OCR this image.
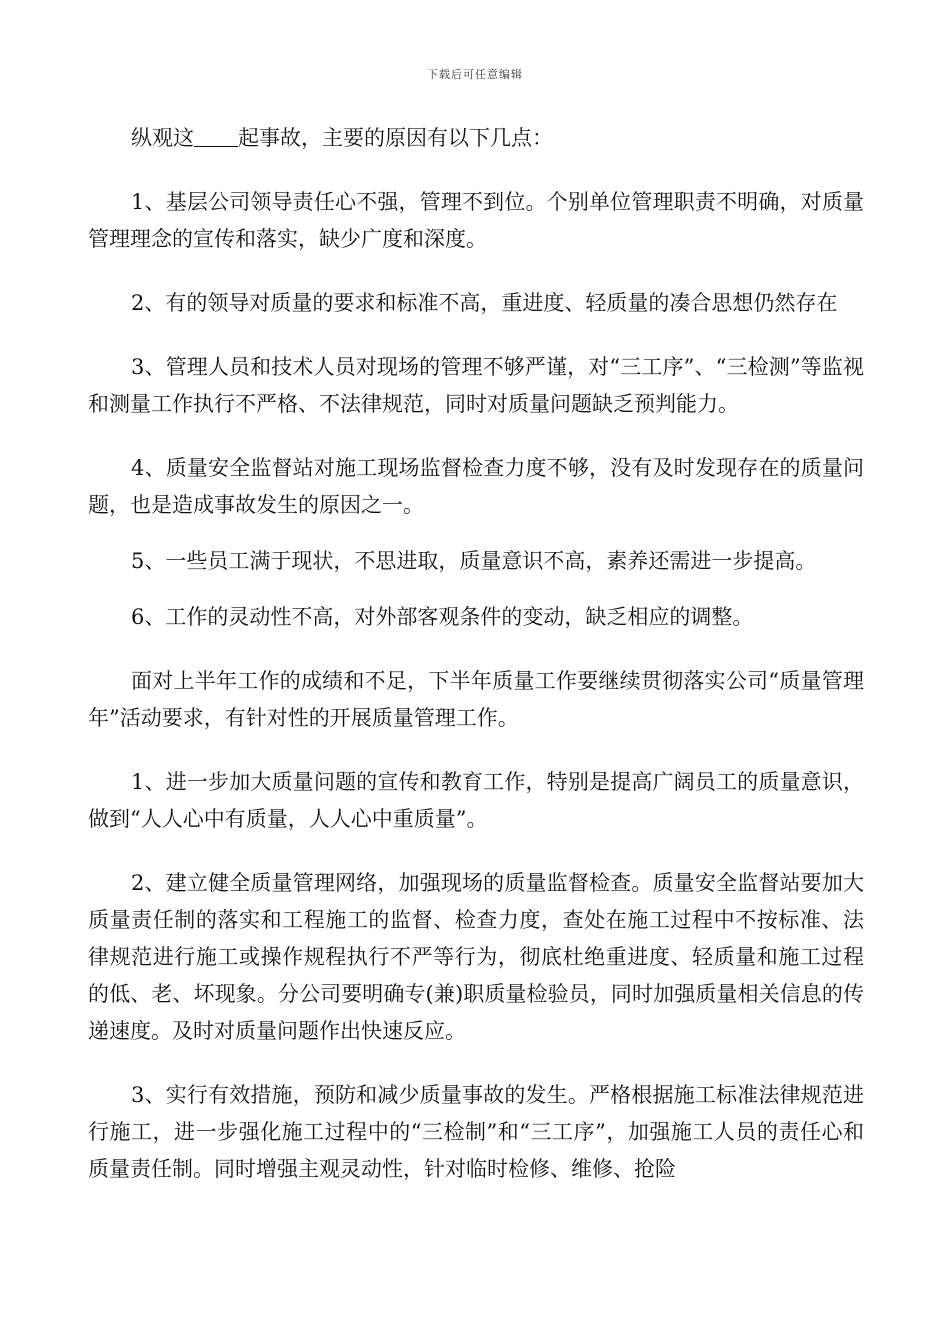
下载后可任意编辑

纵观这 起事故，主要的原因有以下几点：

1、基层公司领导责任心不强，管理不到位。个别单位管理职责不明确，对质量管理理念的宣传和落实，缺少广度和深度。

2、有的领导对质量的要求和标准不高，重进度、轻质量的凑合思想仍然存在

3、管理人员和技术人员对现场的管理不够严谨，对“三工序”、“三检测”等监视和测量工作执行不严格、不法律规范，同时对质量问题缺乏预判能力。

4、质量安全监督站对施工现场监督检查力度不够，没有及时发现存在的质量问题，也是造成事故发生的原因之一。

5、一些员工满于现状，不思进取，质量意识不高，素养还需进一步提高。

6、工作的灵动性不高，对外部客观条件的变动，缺乏相应的调整。

面对上半年工作的成绩和不足，下半年质量工作要继续贯彻落实公司“质量管理年”活动要求，有针对性的开展质量管理工作。

1、进一步加大质量问题的宣传和教育工作，特别是提高广阔员工的质量意识，做到“人人心中有质量，人人心中重质量”。

2、建立健全质量管理网络，加强现场的质量监督检查。质量安全监督站要加大质量责任制的落实和工程施工的监督、检查力度，查处在施工过程中不按标准、法律规范进行施工或操作规程执行不严等行为，彻底杜绝重进度、轻质量和施工过程的低、老、坏现象。分公司要明确专(兼)职质量检验员，同时加强质量相关信息的传递速度。及时对质量问题作出快速反应。

3、实行有效措施，预防和减少质量事故的发生。严格根据施工标准法律规范进行施工，进一步强化施工过程中的“三检制”和“三工序”，加强施工人员的责任心和质量责任制。同时增强主观灵动性，针对临时检修、维修、抢险
